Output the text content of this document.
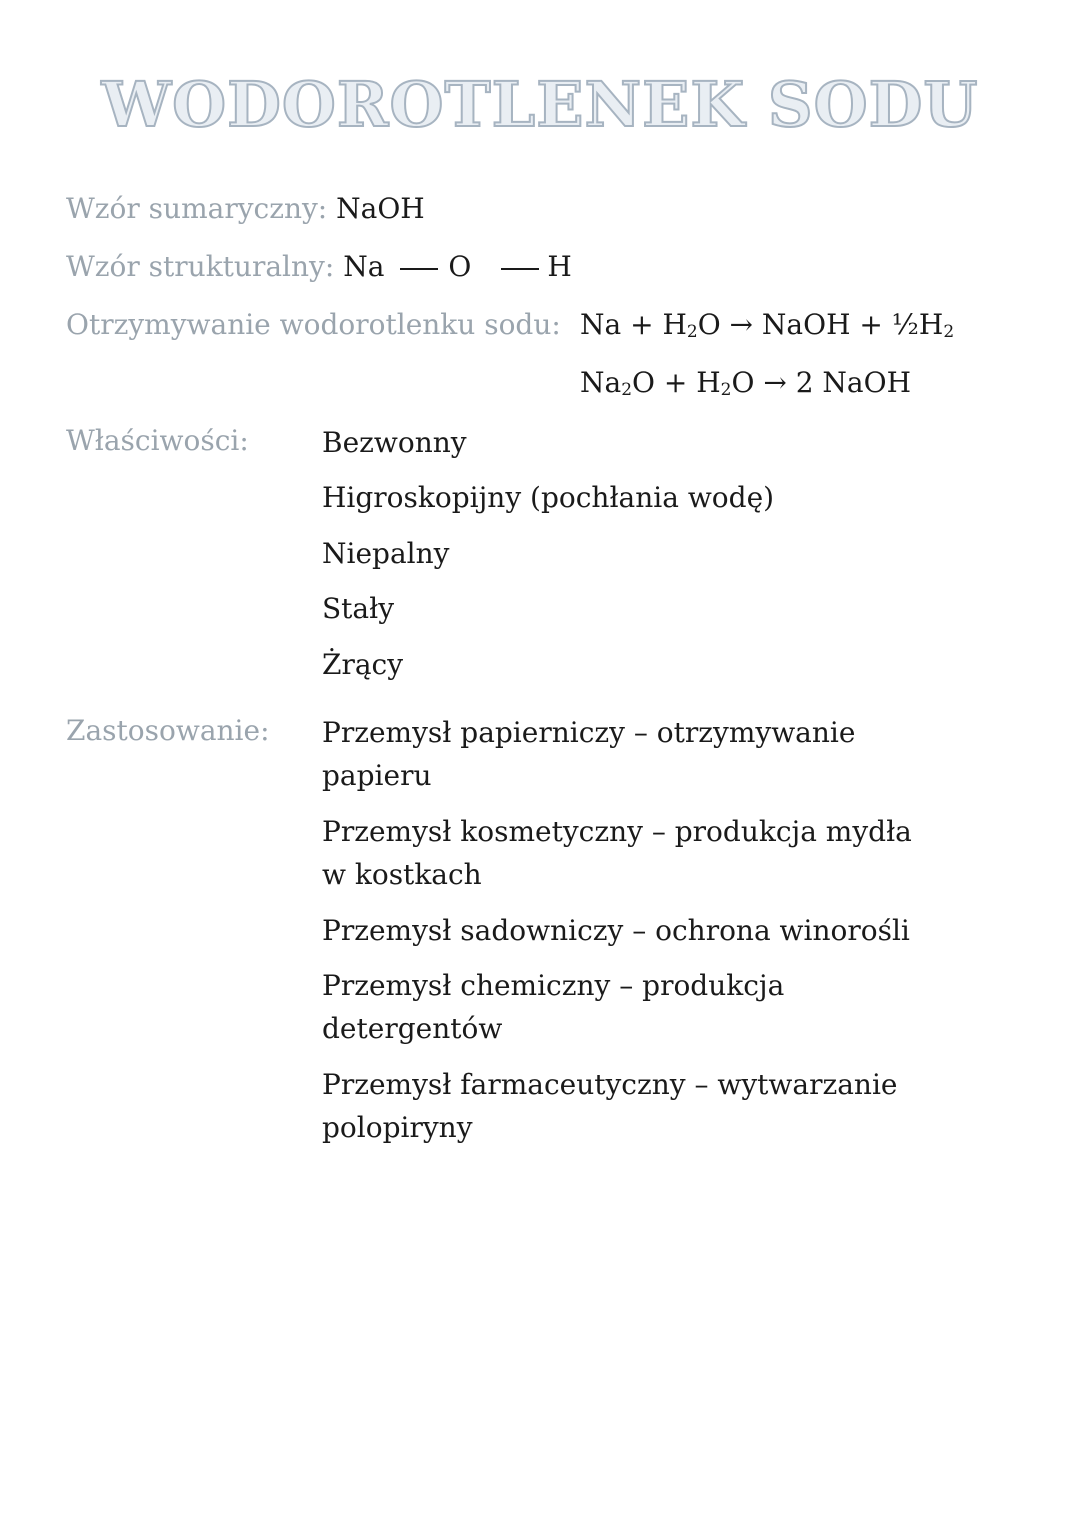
WODOROTLENEK SODU
Wzór sumaryczny: NaOH
Wzór strukturalny: Na O	H
Otrzymywanie wodorotlenku sodu: $Na + H_2O$ → NaOH + $\frac{1}{2}H_2$
$Na_2O + H_2O \to 2$ NaOH
Właściwości:	Bezwonny
Higroskopijny (pochłania wodę)
Niepalny
Stały
Żrący
Zastosowanie: Przemysł papierniczy – otrzymywanie papieru
Przemysł kosmetyczny – produkcja mydła w kostkach
Przemysł sadowniczy – ochrona winorośli
Przemysł chemiczny – produkcja detergentów
Przemysł farmaceutyczny – wytwarzanie polopiryny
